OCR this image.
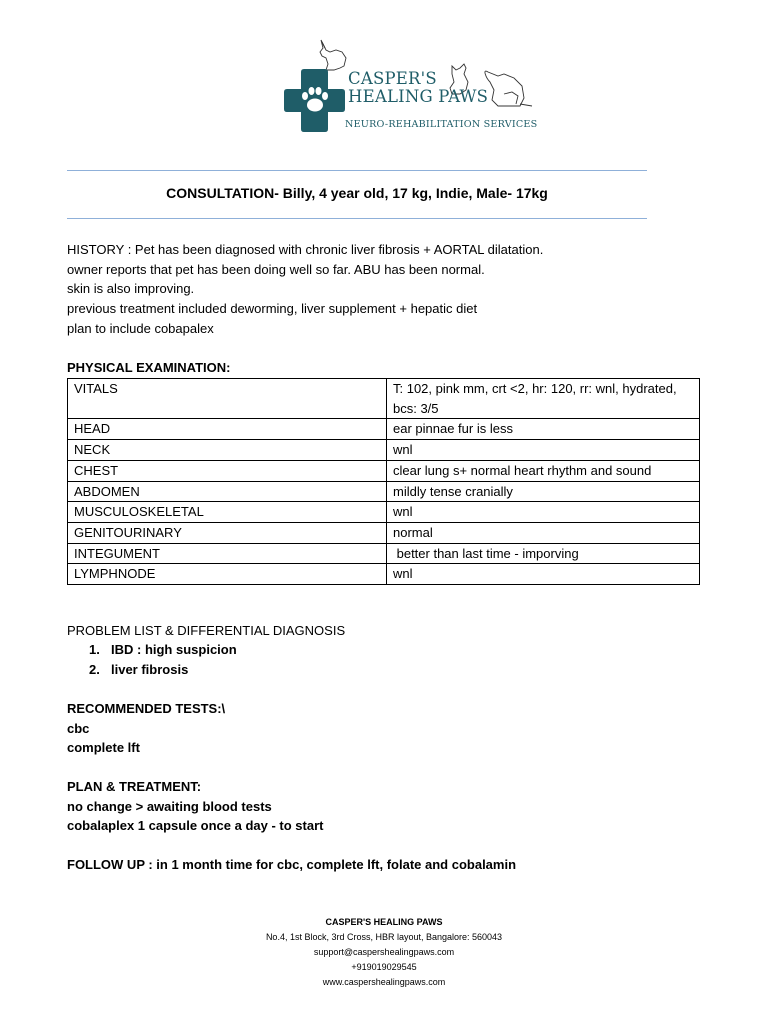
CASPER'S
HEALING PAWS
NEURO-REHABILITATION SERVICES
CONSULTATION- Billy, 4 year old, 17 kg, Indie, Male- 17kg
HISTORY : Pet has been diagnosed with chronic liver fibrosis + AORTAL dilatation.
owner reports that pet has been doing well so far. ABU has been normal.
skin is also improving.
previous treatment included deworming, liver supplement + hepatic diet
plan to include cobapalex
PHYSICAL EXAMINATION:
VITALS	T: 102, pink mm, crt <2, hr: 120, rr: wnl, hydrated, bcs: 3/5
HEAD	ear pinnae fur is less
NECK	wnl
CHEST	clear lung s+ normal heart rhythm and sound
ABDOMEN	mildly tense cranially
MUSCULOSKELETAL	wnl
GENITOURINARY	normal
INTEGUMENT	better than last time - imporving
LYMPHNODE	wnl
PROBLEM LIST & DIFFERENTIAL DIAGNOSIS
1. IBD : high suspicion
2. liver fibrosis
RECOMMENDED TESTS:\
cbc
complete lft
PLAN & TREATMENT:
no change > awaiting blood tests
cobalaplex 1 capsule once a day - to start
FOLLOW UP : in 1 month time for cbc, complete lft, folate and cobalamin
CASPER'S HEALING PAWS
No.4, 1st Block, 3rd Cross, HBR layout, Bangalore: 560043
support@caspershealingpaws.com
+919019029545
www.caspershealingpaws.com
